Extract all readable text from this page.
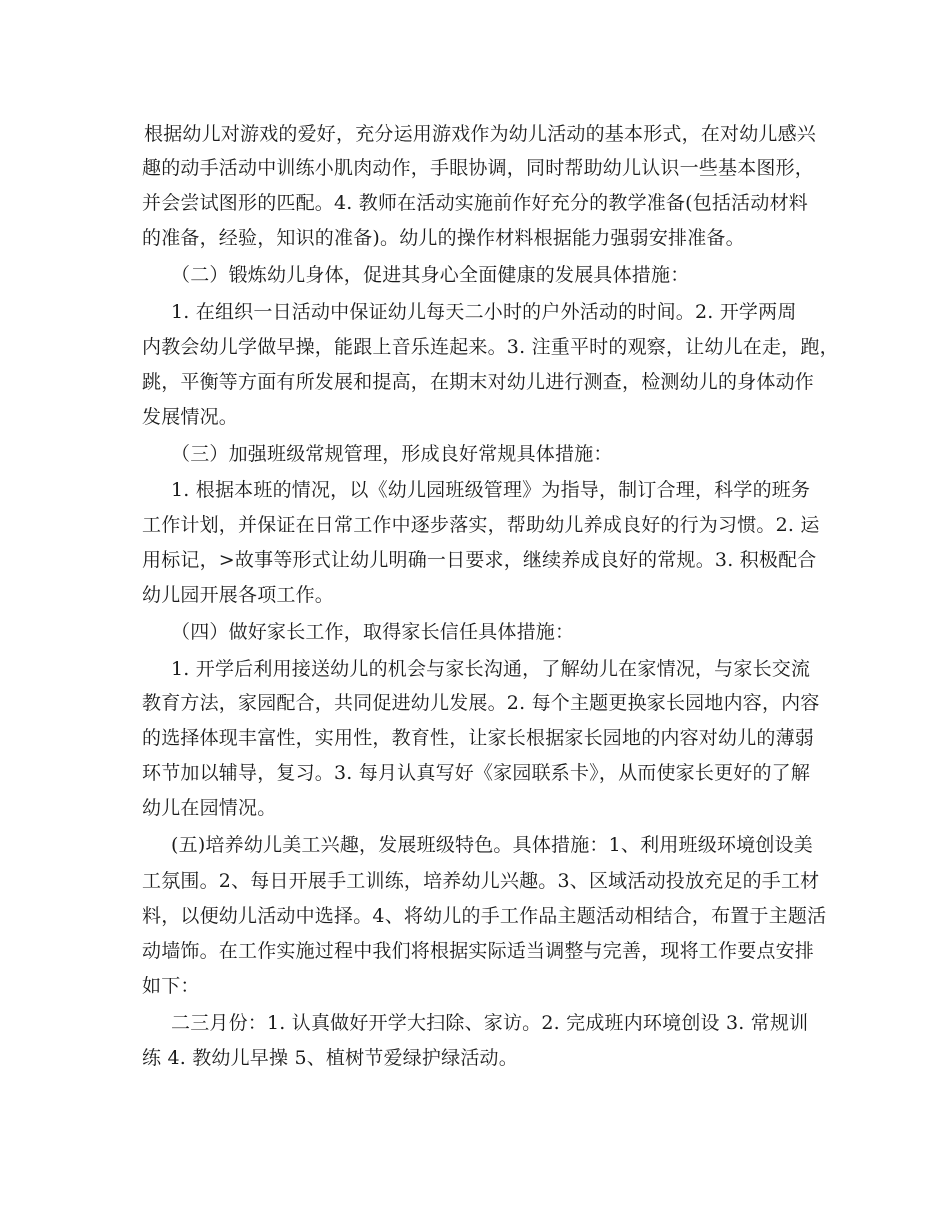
根据幼儿对游戏的爱好，充分运用游戏作为幼儿活动的基本形式，在对幼儿感兴
趣的动手活动中训练小肌肉动作，手眼协调，同时帮助幼儿认识一些基本图形，
并会尝试图形的匹配。4. 教师在活动实施前作好充分的教学准备(包括活动材料
的准备，经验，知识的准备)。幼儿的操作材料根据能力强弱安排准备。
（二）锻炼幼儿身体，促进其身心全面健康的发展具体措施：
1. 在组织一日活动中保证幼儿每天二小时的户外活动的时间。2. 开学两周
内教会幼儿学做早操，能跟上音乐连起来。3. 注重平时的观察，让幼儿在走，跑，
跳，平衡等方面有所发展和提高，在期末对幼儿进行测查，检测幼儿的身体动作
发展情况。
（三）加强班级常规管理，形成良好常规具体措施：
1. 根据本班的情况，以《幼儿园班级管理》为指导，制订合理，科学的班务
工作计划，并保证在日常工作中逐步落实，帮助幼儿养成良好的行为习惯。2. 运
用标记，>故事等形式让幼儿明确一日要求，继续养成良好的常规。3. 积极配合
幼儿园开展各项工作。
（四）做好家长工作，取得家长信任具体措施：
1. 开学后利用接送幼儿的机会与家长沟通，了解幼儿在家情况，与家长交流
教育方法，家园配合，共同促进幼儿发展。2. 每个主题更换家长园地内容，内容
的选择体现丰富性，实用性，教育性，让家长根据家长园地的内容对幼儿的薄弱
环节加以辅导，复习。3. 每月认真写好《家园联系卡》，从而使家长更好的了解
幼儿在园情况。
(五)培养幼儿美工兴趣，发展班级特色。具体措施：1、利用班级环境创设美
工氛围。2、每日开展手工训练，培养幼儿兴趣。3、区域活动投放充足的手工材
料，以便幼儿活动中选择。4、将幼儿的手工作品主题活动相结合，布置于主题活
动墙饰。在工作实施过程中我们将根据实际适当调整与完善，现将工作要点安排
如下：
二三月份：1. 认真做好开学大扫除、家访。2. 完成班内环境创设 3. 常规训
练 4. 教幼儿早操 5、植树节爱绿护绿活动。
